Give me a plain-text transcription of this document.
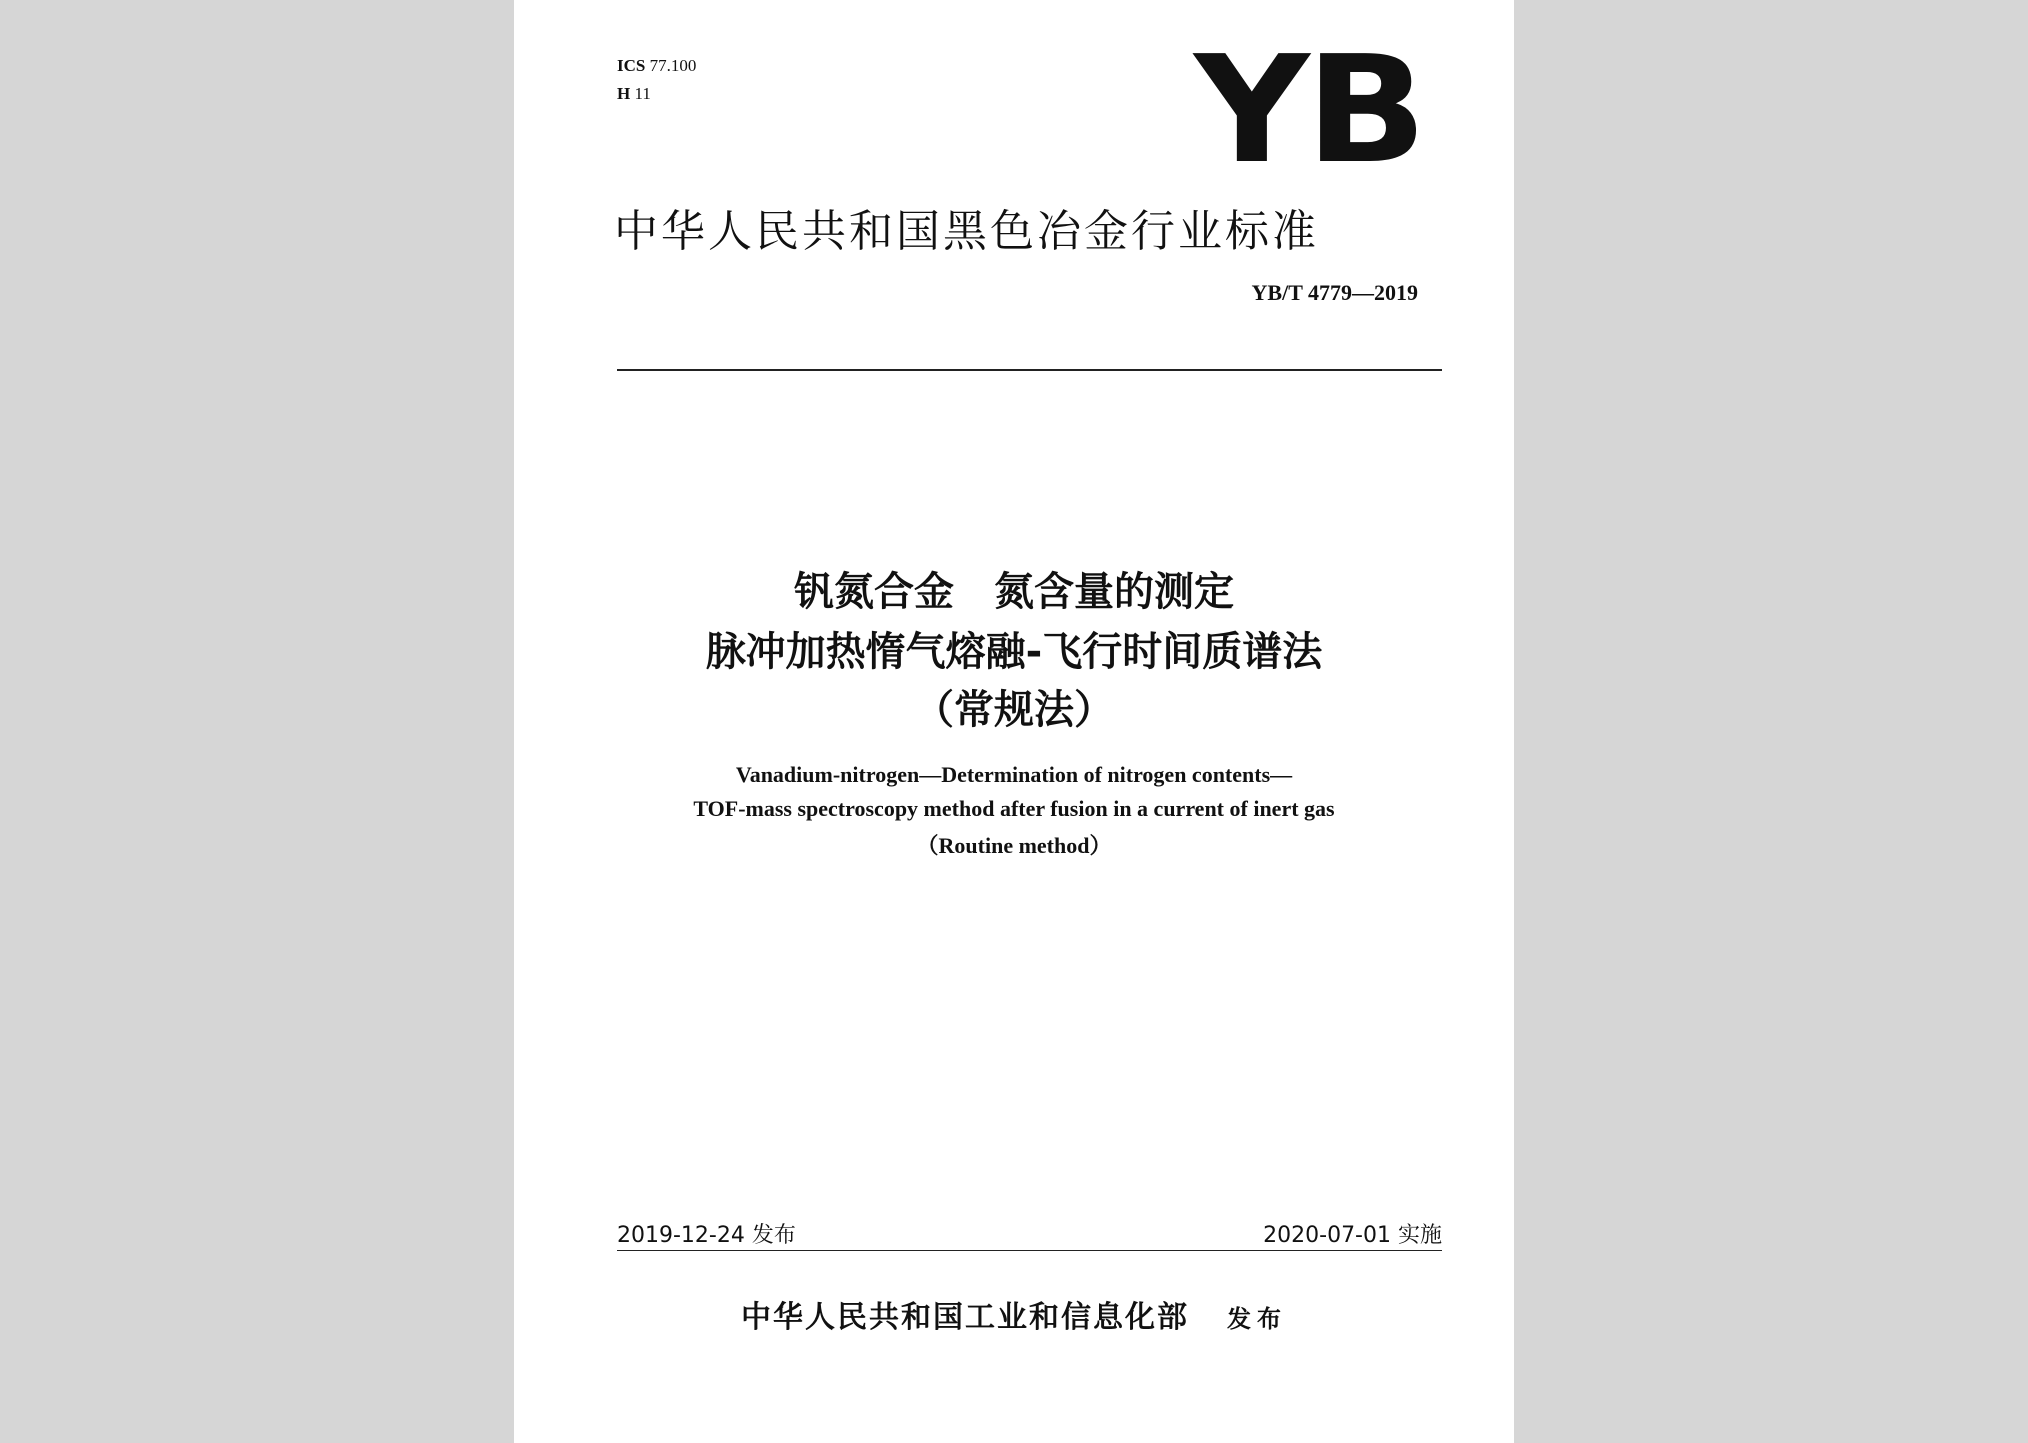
ICS 77.100
H 11	YB
中华人民共和国黑色冶金行业标准
YB/T 4779—2019
钒氮合金　氮含量的测定
脉冲加热惰气熔融-飞行时间质谱法
（常规法）
Vanadium-nitrogen—Determination of nitrogen contents—
TOF-mass spectroscopy method after fusion in a current of inert gas
（Routine method）
2019-12-24 发布	2020-07-01 实施
中华人民共和国工业和信息化部 发布
